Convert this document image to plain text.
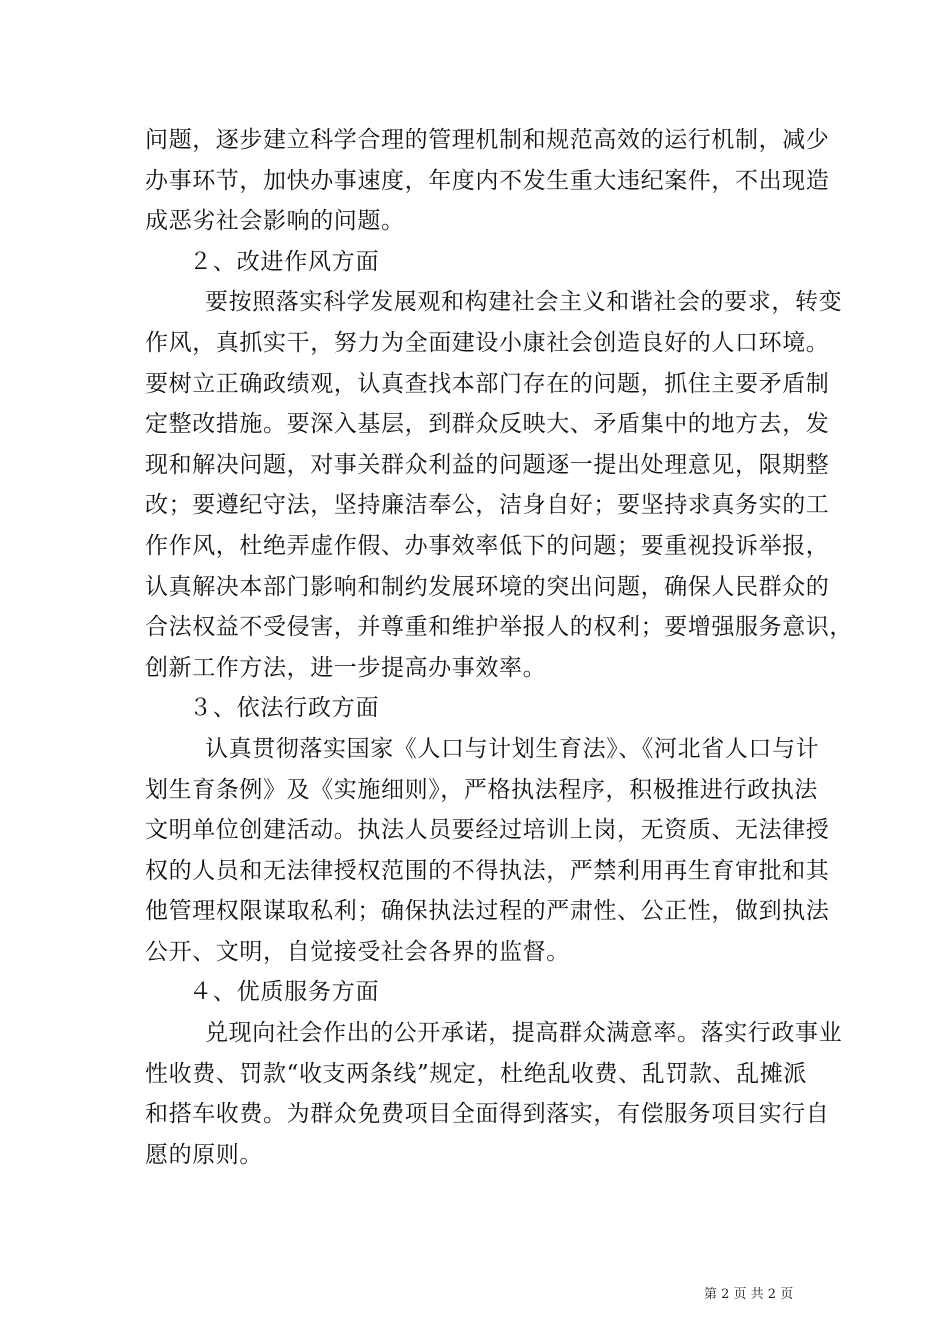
问题，逐步建立科学合理的管理机制和规范高效的运行机制，减少
办事环节，加快办事速度，年度内不发生重大违纪案件，不出现造
成恶劣社会影响的问题。
２、改进作风方面
要按照落实科学发展观和构建社会主义和谐社会的要求，转变
作风，真抓实干，努力为全面建设小康社会创造良好的人口环境。
要树立正确政绩观，认真查找本部门存在的问题，抓住主要矛盾制
定整改措施。要深入基层，到群众反映大、矛盾集中的地方去，发
现和解决问题，对事关群众利益的问题逐一提出处理意见，限期整
改；要遵纪守法，坚持廉洁奉公，洁身自好；要坚持求真务实的工
作作风，杜绝弄虚作假、办事效率低下的问题；要重视投诉举报，
认真解决本部门影响和制约发展环境的突出问题，确保人民群众的
合法权益不受侵害，并尊重和维护举报人的权利；要增强服务意识，
创新工作方法，进一步提高办事效率。
３、依法行政方面
认真贯彻落实国家《人口与计划生育法》、《河北省人口与计
划生育条例》及《实施细则》，严格执法程序，积极推进行政执法
文明单位创建活动。执法人员要经过培训上岗，无资质、无法律授
权的人员和无法律授权范围的不得执法，严禁利用再生育审批和其
他管理权限谋取私利；确保执法过程的严肃性、公正性，做到执法
公开、文明，自觉接受社会各界的监督。
４、优质服务方面
兑现向社会作出的公开承诺，提高群众满意率。落实行政事业
性收费、罚款“收支两条线”规定，杜绝乱收费、乱罚款、乱摊派
和搭车收费。为群众免费项目全面得到落实，有偿服务项目实行自
愿的原则。
第 2 页 共 2 页
